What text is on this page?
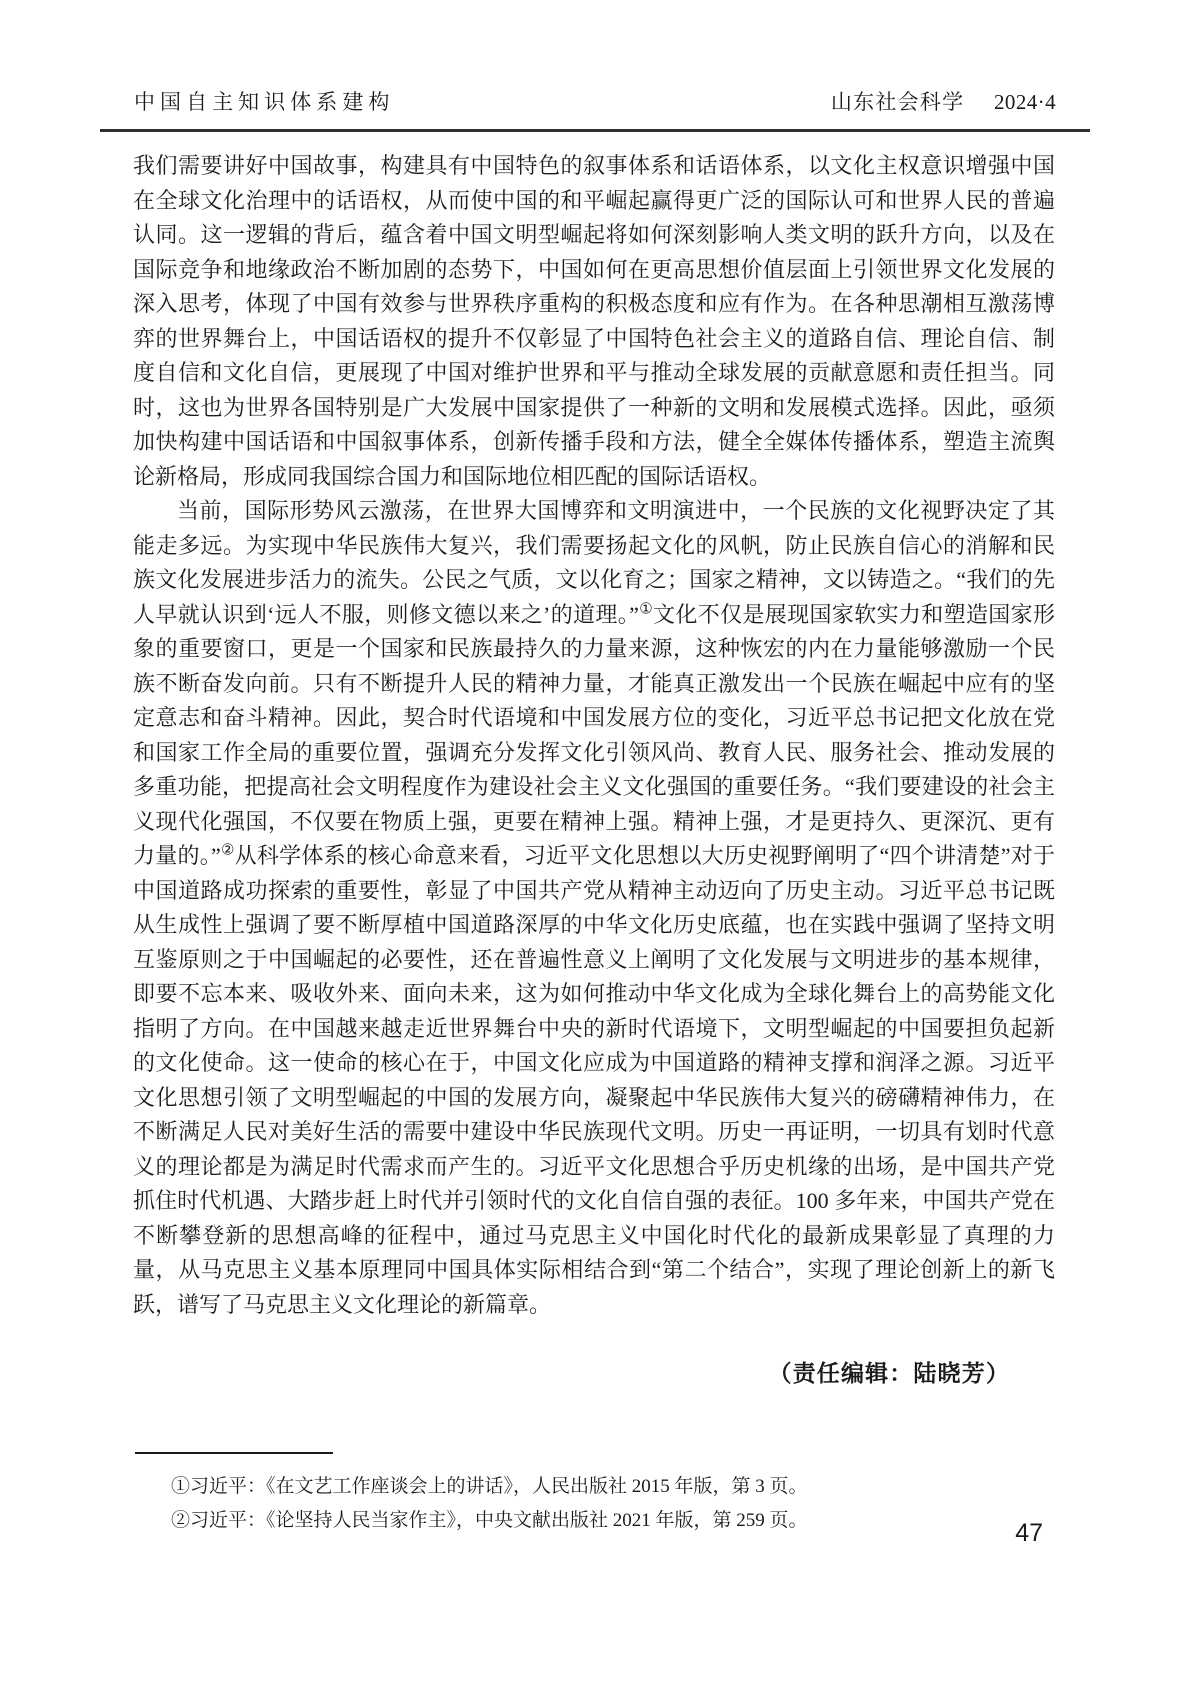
中国自主知识体系建构	山东社会科学 2024·4

我们需要讲好中国故事，构建具有中国特色的叙事体系和话语体系，以文化主权意识增强中国在全球文化治理中的话语权，从而使中国的和平崛起赢得更广泛的国际认可和世界人民的普遍认同。这一逻辑的背后，蕴含着中国文明型崛起将如何深刻影响人类文明的跃升方向，以及在国际竞争和地缘政治不断加剧的态势下，中国如何在更高思想价值层面上引领世界文化发展的深入思考，体现了中国有效参与世界秩序重构的积极态度和应有作为。在各种思潮相互激荡博弈的世界舞台上，中国话语权的提升不仅彰显了中国特色社会主义的道路自信、理论自信、制度自信和文化自信，更展现了中国对维护世界和平与推动全球发展的贡献意愿和责任担当。同时，这也为世界各国特别是广大发展中国家提供了一种新的文明和发展模式选择。因此，亟须加快构建中国话语和中国叙事体系，创新传播手段和方法，健全全媒体传播体系，塑造主流舆论新格局，形成同我国综合国力和国际地位相匹配的国际话语权。

当前，国际形势风云激荡，在世界大国博弈和文明演进中，一个民族的文化视野决定了其能走多远。为实现中华民族伟大复兴，我们需要扬起文化的风帆，防止民族自信心的消解和民族文化发展进步活力的流失。公民之气质，文以化育之；国家之精神，文以铸造之。“我们的先人早就认识到‘远人不服，则修文德以来之’的道理。”①文化不仅是展现国家软实力和塑造国家形象的重要窗口，更是一个国家和民族最持久的力量来源，这种恢宏的内在力量能够激励一个民族不断奋发向前。只有不断提升人民的精神力量，才能真正激发出一个民族在崛起中应有的坚定意志和奋斗精神。因此，契合时代语境和中国发展方位的变化，习近平总书记把文化放在党和国家工作全局的重要位置，强调充分发挥文化引领风尚、教育人民、服务社会、推动发展的多重功能，把提高社会文明程度作为建设社会主义文化强国的重要任务。“我们要建设的社会主义现代化强国，不仅要在物质上强，更要在精神上强。精神上强，才是更持久、更深沉、更有力量的。”②从科学体系的核心命意来看，习近平文化思想以大历史视野阐明了“四个讲清楚”对于中国道路成功探索的重要性，彰显了中国共产党从精神主动迈向了历史主动。习近平总书记既从生成性上强调了要不断厚植中国道路深厚的中华文化历史底蕴，也在实践中强调了坚持文明互鉴原则之于中国崛起的必要性，还在普遍性意义上阐明了文化发展与文明进步的基本规律，即要不忘本来、吸收外来、面向未来，这为如何推动中华文化成为全球化舞台上的高势能文化指明了方向。在中国越来越走近世界舞台中央的新时代语境下，文明型崛起的中国要担负起新的文化使命。这一使命的核心在于，中国文化应成为中国道路的精神支撑和润泽之源。习近平文化思想引领了文明型崛起的中国的发展方向，凝聚起中华民族伟大复兴的磅礴精神伟力，在不断满足人民对美好生活的需要中建设中华民族现代文明。历史一再证明，一切具有划时代意义的理论都是为满足时代需求而产生的。习近平文化思想合乎历史机缘的出场，是中国共产党抓住时代机遇、大踏步赶上时代并引领时代的文化自信自强的表征。100 多年来，中国共产党在不断攀登新的思想高峰的征程中，通过马克思主义中国化时代化的最新成果彰显了真理的力量，从马克思主义基本原理同中国具体实际相结合到“第二个结合”，实现了理论创新上的新飞跃，谱写了马克思主义文化理论的新篇章。

（责任编辑：陆晓芳）

①习近平：《在文艺工作座谈会上的讲话》，人民出版社 2015 年版，第 3 页。

②习近平：《论坚持人民当家作主》，中央文献出版社 2021 年版，第 259 页。	47
